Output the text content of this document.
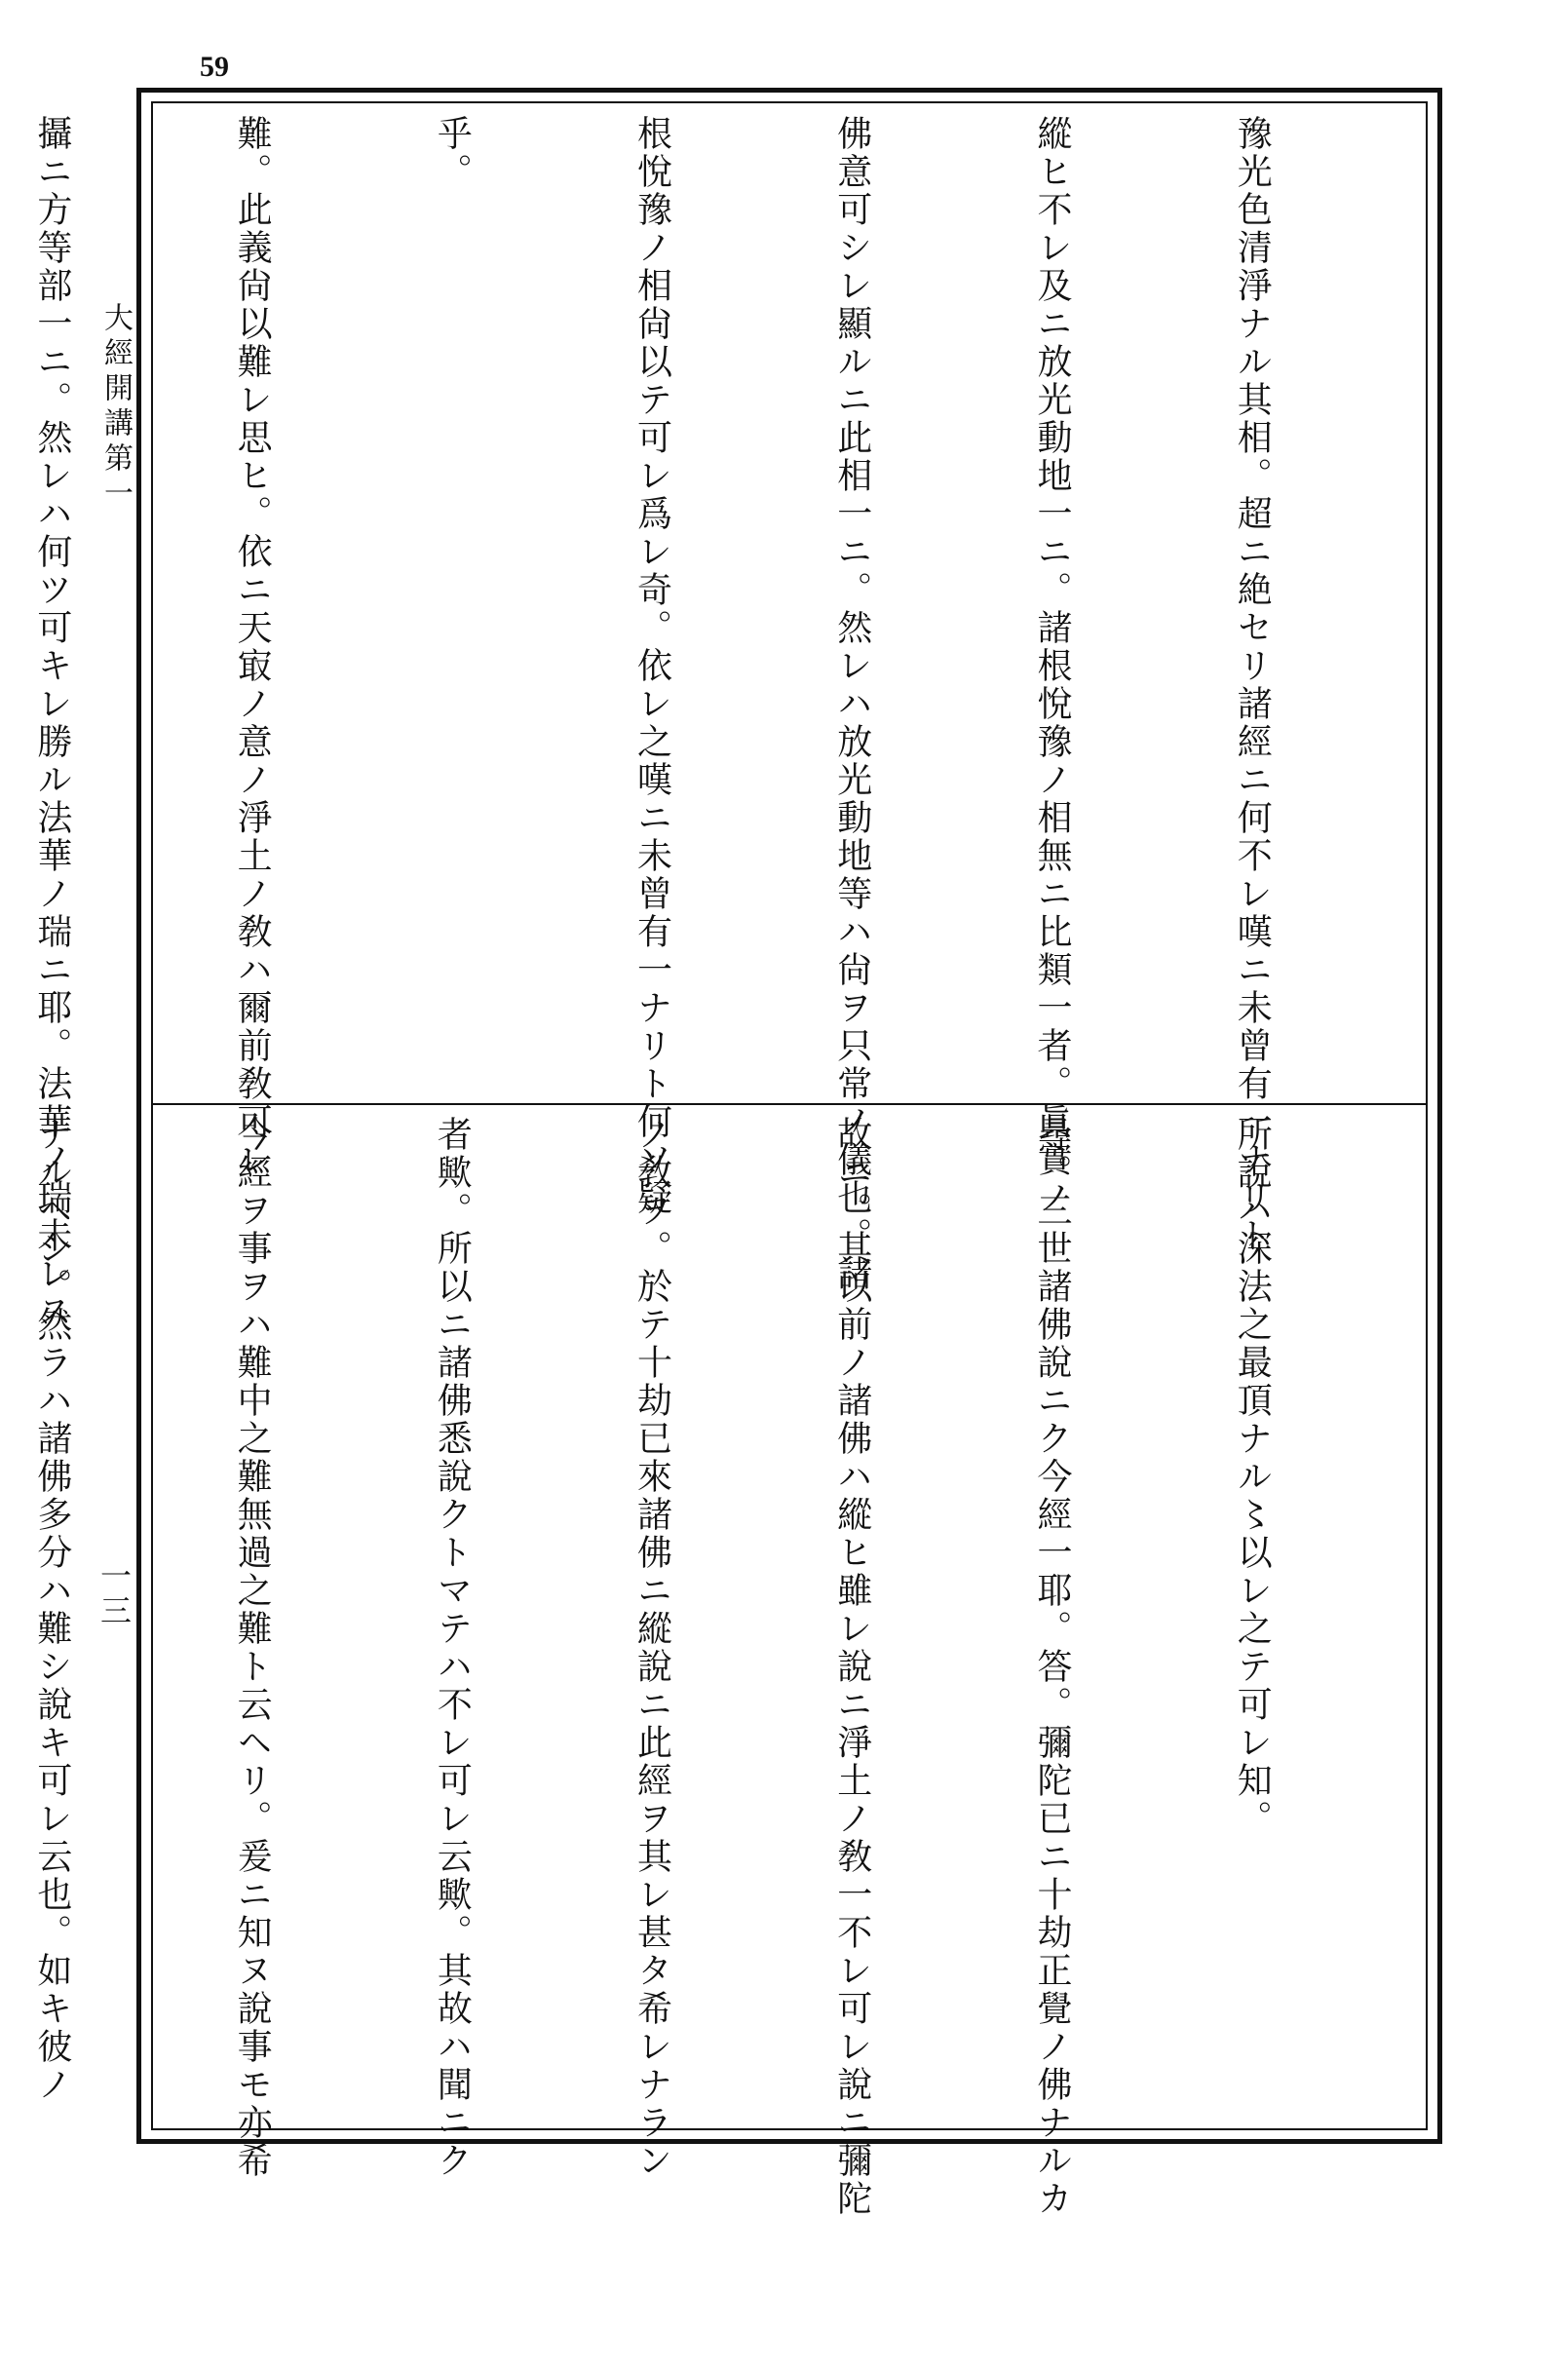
59
大經開講第一
一三

豫光色清淨ナル其相。超ニ絶セリ諸經ニ何不レ嘆ニ未曾有一ナリト

縱ヒ不レ及ニ放光動地一ニ。諸根悅豫ノ相無ニ比類一者。眞實ノ

佛意可シレ顯ルニ此相一ニ。然レハ放光動地等ハ尙ヲ只常ノ儀也。諸

根悅豫ノ相尙以テ可レ爲レ奇。依レ之嘆ニ未曾有一ナリト何ソ疑

乎。

難。此義尙以難レ思ヒ。依ニ天㝡ノ意ノ淨土ノ敎ハ爾前敎可レ

攝ニ方等部一ニ。然レハ何ツ可キレ勝ル法華ノ瑞ニ耶。法華ノ瑞未レス

所說ハ深法之最頂ナル〻以レ之テ可レ知。

尋。三世諸佛說ニク今經一耶。答。彌陀已ニ十劫正覺ノ佛ナルカ

故ニ。其以前ノ諸佛ハ縱ヒ雖レ說ニ淨土ノ敎一不レ可レ說ニ彌陀

ノ敎ヲ。於テ十劫已來諸佛ニ縱說ニ此經ヲ其レ甚タ希レナラン

者歟。所以ニ諸佛悉說クトマテハ不レ可レ云歟。其故ハ聞ニク

今經ヲ事ヲハ難中之難無過之難ト云ヘリ。爰ニ知ヌ說事モ亦希

ナルヘシ。然ラハ諸佛多分ハ難シ說キ可レ云也。如キ彼ノ
